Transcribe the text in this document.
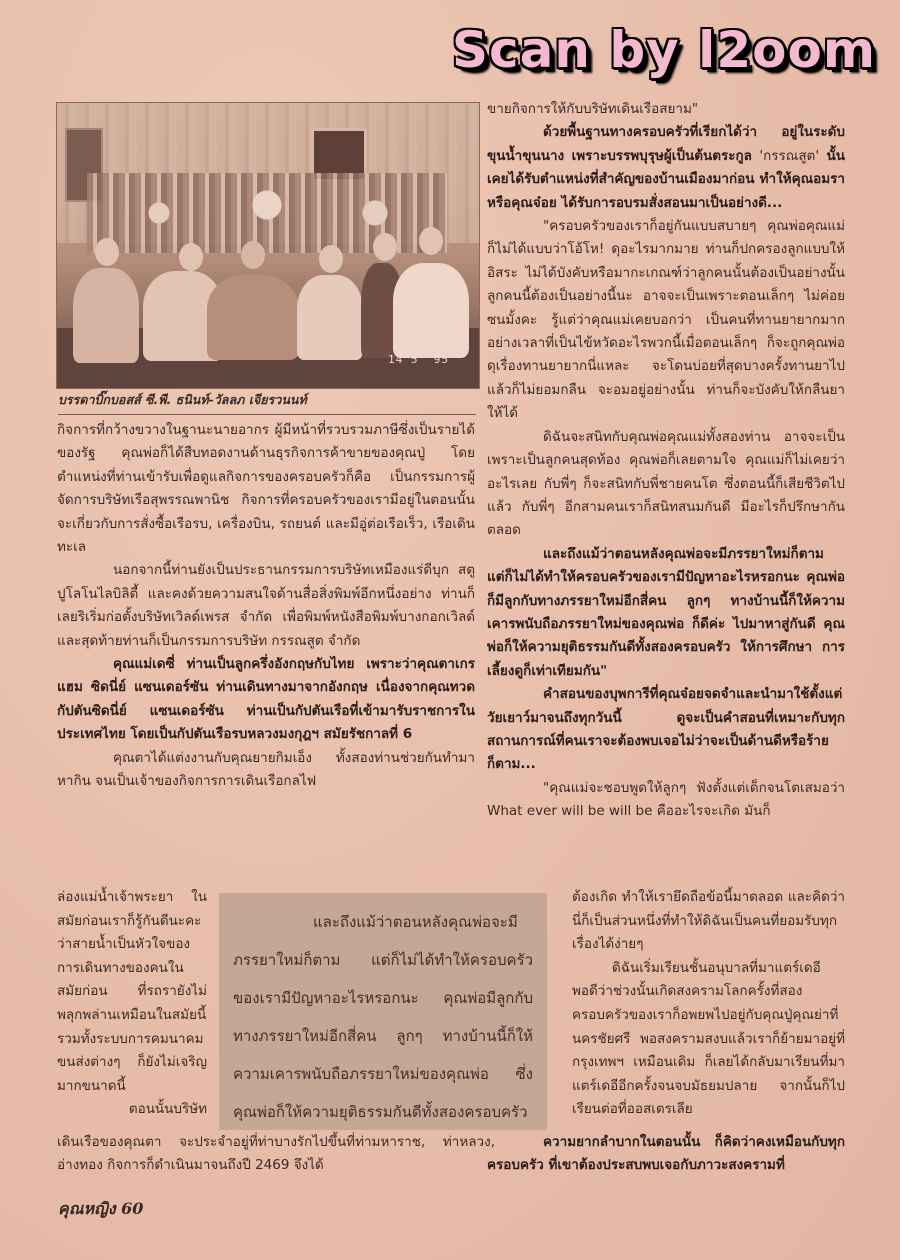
Scan by l2oom
14 5 '95
บรรดาบิ๊กบอสส์ ซี.พี. ธนินท์-วัลลภ เจียรวนนท์

กิจการที่กว้างขวางในฐานะนายอากร ผู้มีหน้าที่รวบรวมภาษีซึ่งเป็นรายได้ของรัฐ คุณพ่อก็ได้สืบทอดงานด้านธุรกิจการค้าขายของคุณปู่ โดยตำแหน่งที่ท่านเข้ารับเพื่อดูแลกิจการของครอบครัวก็คือ เป็นกรรมการผู้จัดการบริษัทเรือสุพรรณพานิช กิจการที่ครอบครัวของเรามีอยู่ในตอนนั้นจะเกี่ยวกับการสั่งซื้อเรือรบ, เครื่องบิน, รถยนต์ และมีอู่ต่อเรือเร็ว, เรือเดินทะเล

นอกจากนี้ท่านยังเป็นประธานกรรมการบริษัทเหมืองแร่ดีบุก สตูปูโลโนไลบิลิตี้ และคงด้วยความสนใจด้านสื่อสิ่งพิมพ์อีกหนึ่งอย่าง ท่านก็เลยริเริ่มก่อตั้งบริษัทเวิลด์เพรส จำกัด เพื่อพิมพ์หนังสือพิมพ์บางกอกเวิลด์ และสุดท้ายท่านก็เป็นกรรมการบริษัท กรรณสูต จำกัด

คุณแม่เดซี่ ท่านเป็นลูกครึ่งอังกฤษกับไทย เพราะว่าคุณตาเกรแฮม ซิดนี่ย์ แซนเดอร์ซัน ท่านเดินทางมาจากอังกฤษ เนื่องจากคุณทวดกัปตันซิดนี่ย์ แซนเดอร์ซัน ท่านเป็นกัปตันเรือที่เข้ามารับราชการในประเทศไทย โดยเป็นกัปตันเรือรบหลวงมงกุฎฯ สมัยรัชกาลที่ 6

คุณตาได้แต่งงานกับคุณยายกิมเอ็ง ทั้งสองท่านช่วยกันทำมาหากิน จนเป็นเจ้าของกิจการการเดินเรือกลไฟ

ล่องแม่น้ำเจ้าพระยา ในสมัยก่อนเราก็รู้กันดีนะคะว่าสายน้ำเป็นหัวใจของการเดินทางของคนในสมัยก่อน ที่รถรายังไม่พลุกพล่านเหมือนในสมัยนี้ รวมทั้งระบบการคมนาคมขนส่งต่างๆ ก็ยังไม่เจริญมากขนาดนี้

ตอนนั้นบริษัท

และถึงแม้ว่าตอนหลังคุณพ่อจะมี
ภรรยาใหม่ก็ตาม แต่ก็ไม่ได้ทำให้ครอบครัวของเรามีปัญหาอะไรหรอกนะ คุณพ่อมีลูกกับทางภรรยาใหม่อีกสี่คน ลูกๆ ทางบ้านนี้ก็ให้ความเคารพนับถือภรรยาใหม่ของคุณพ่อ ซึ่งคุณพ่อก็ให้ความยุติธรรมกันดีทั้งสองครอบครัว
เดินเรือของคุณตา จะประจำอยู่ที่ท่าบางรักไปขึ้นที่ท่ามหาราช, ท่าหลวง, อ่างทอง กิจการก็ดำเนินมาจนถึงปี 2469 จึงได้

ขายกิจการให้กับบริษัทเดินเรือสยาม"

ด้วยพื้นฐานทางครอบครัวที่เรียกได้ว่า อยู่ในระดับขุนน้ำขุนนาง เพราะบรรพบุรุษผู้เป็นต้นตระกูล 'กรรณสูต' นั้น เคยได้รับตำแหน่งที่สำคัญของบ้านเมืองมาก่อน ทำให้คุณอมราหรือคุณจ๋อย ได้รับการอบรมสั่งสอนมาเป็นอย่างดี...

"ครอบครัวของเราก็อยู่กันแบบสบายๆ คุณพ่อคุณแม่ก็ไม่ได้แบบว่าโอ้โห! ดุอะไรมากมาย ท่านก็ปกครองลูกแบบให้อิสระ ไม่ได้บังคับหรือมากะเกณฑ์ว่าลูกคนนั้นต้องเป็นอย่างนั้น ลูกคนนี้ต้องเป็นอย่างนี้นะ อาจจะเป็นเพราะตอนเล็กๆ ไม่ค่อยซนมั้งคะ รู้แต่ว่าคุณแม่เคยบอกว่า เป็นคนที่ทานยายากมาก อย่างเวลาที่เป็นไข้หวัดอะไรพวกนี้เมื่อตอนเล็กๆ ก็จะถูกคุณพ่อดุเรื่องทานยายากนี่แหละ จะโดนบ่อยที่สุดบางครั้งทานยาไปแล้วก็ไม่ยอมกลืน จะอมอยู่อย่างนั้น ท่านก็จะบังคับให้กลืนยาให้ได้

ดิฉันจะสนิทกับคุณพ่อคุณแม่ทั้งสองท่าน อาจจะเป็นเพราะเป็นลูกคนสุดท้อง คุณพ่อก็เลยตามใจ คุณแม่ก็ไม่เคยว่าอะไรเลย กับพี่ๆ ก็จะสนิทกับพี่ชายคนโต ซึ่งตอนนี้ก็เสียชีวิตไปแล้ว กับพี่ๆ อีกสามคนเราก็สนิทสนมกันดี มีอะไรก็ปรึกษากันตลอด

และถึงแม้ว่าตอนหลังคุณพ่อจะมีภรรยาใหม่ก็ตาม แต่ก็ไม่ได้ทำให้ครอบครัวของเรามีปัญหาอะไรหรอกนะ คุณพ่อก็มีลูกกับทางภรรยาใหม่อีกสี่คน ลูกๆ ทางบ้านนี้ก็ให้ความเคารพนับถือภรรยาใหม่ของคุณพ่อ ก็ดีค่ะ ไปมาหาสู่กันดี คุณพ่อก็ให้ความยุติธรรมกันดีทั้งสองครอบครัว ให้การศึกษา การเลี้ยงดูก็เท่าเทียมกัน"

คำสอนของบุพการีที่คุณจ๋อยจดจำและนำมาใช้ตั้งแต่วัยเยาว์มาจนถึงทุกวันนี้ ดูจะเป็นคำสอนที่เหมาะกับทุกสถานการณ์ที่คนเราจะต้องพบเจอไม่ว่าจะเป็นด้านดีหรือร้ายก็ตาม...

"คุณแม่จะชอบพูดให้ลูกๆ ฟังตั้งแต่เด็กจนโตเสมอว่า What ever will be will be คืออะไรจะเกิด มันก็

ต้องเกิด ทำให้เรายึดถือข้อนี้มาตลอด และคิดว่านี่ก็เป็นส่วนหนึ่งที่ทำให้ดิฉันเป็นคนที่ยอมรับทุกเรื่องได้ง่ายๆ

ดิฉันเริ่มเรียนชั้นอนุบาลที่มาแตร์เดอีพอดีว่าช่วงนั้นเกิดสงครามโลกครั้งที่สองครอบครัวของเราก็อพยพไปอยู่กับคุณปู่คุณย่าที่นครชัยศรี พอสงครามสงบแล้วเราก็ย้ายมาอยู่ที่กรุงเทพฯ เหมือนเดิม ก็เลยได้กลับมาเรียนที่มาแตร์เดอีอีกครั้งจนจบมัธยมปลาย จากนั้นก็ไปเรียนต่อที่ออสเตรเลีย

ความยากลำบากในตอนนั้น ก็คิดว่าคงเหมือนกับทุกครอบครัว ที่เขาต้องประสบพบเจอกับภาวะสงครามที่
คุณหญิง 60
